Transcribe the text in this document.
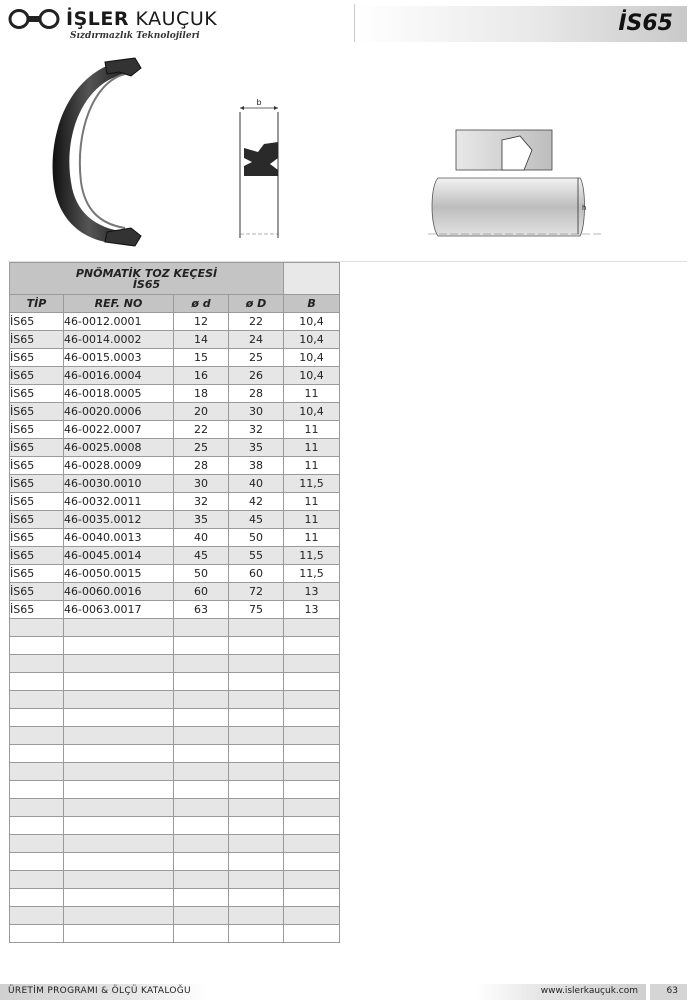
İŞLER KAUÇUK
Sızdırmazlık Teknolojileri	İS65
b
h
PNÖMATİK TOZ KEÇESİ
İS65				

TİP	REF. NO	ø d	ø D	B
İS65	46-0012.0001	12	22	10,4
İS65	46-0014.0002	14	24	10,4
İS65	46-0015.0003	15	25	10,4
İS65	46-0016.0004	16	26	10,4
İS65	46-0018.0005	18	28	11
İS65	46-0020.0006	20	30	10,4
İS65	46-0022.0007	22	32	11
İS65	46-0025.0008	25	35	11
İS65	46-0028.0009	28	38	11
İS65	46-0030.0010	30	40	11,5
İS65	46-0032.0011	32	42	11
İS65	46-0035.0012	35	45	11
İS65	46-0040.0013	40	50	11
İS65	46-0045.0014	45	55	11,5
İS65	46-0050.0015	50	60	11,5
İS65	46-0060.0016	60	72	13
İS65	46-0063.0017	63	75	13

ÜRETİM PROGRAMI & ÖLÇÜ KATALOĞU	www.islerkauçuk.com	63
